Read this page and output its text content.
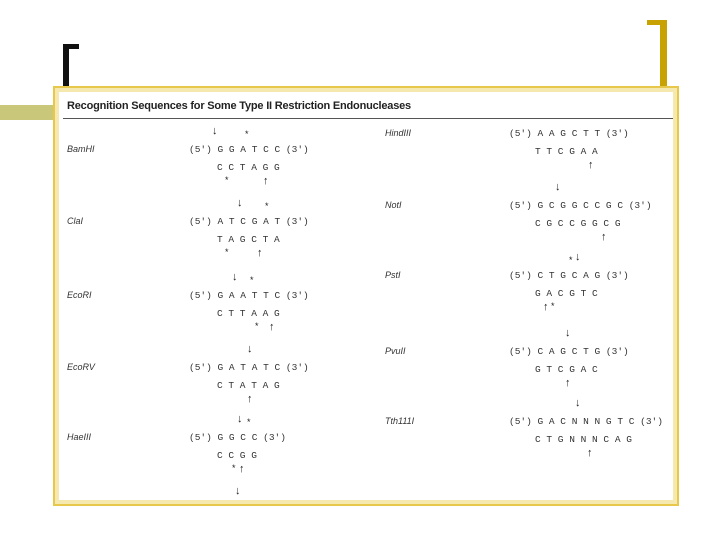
Recognition Sequences for Some Type II Restriction Endonucleases
↓	*
BamHI	(5') G G A T C C (3')
C C T A G G
*	↑
↓	*
ClaI	(5') A T C G A T (3')
T A G C T A
*	↑
↓ *
EcoRI	(5') G A A T T C (3')
C T T A A G
* ↑
↓
EcoRV	(5') G A T A T C (3')
C T A T A G
↑
↓ *
HaeIII	(5') G G C C (3')
C C G G
* ↑
↓
HindIII	(5') A A G C T T (3')
T T C G A A
↑
↓
NotI	(5') G C G G C C G C (3')
C G C C G G C G
↑
* ↓
PstI	(5') C T G C A G (3')
G A C G T C
↑ *
↓
PvuII	(5') C A G C T G (3')
G T C G A C
↑
↓
Tth111I	(5') G A C N N N G T C (3')
C T G N N N C A G
↑
